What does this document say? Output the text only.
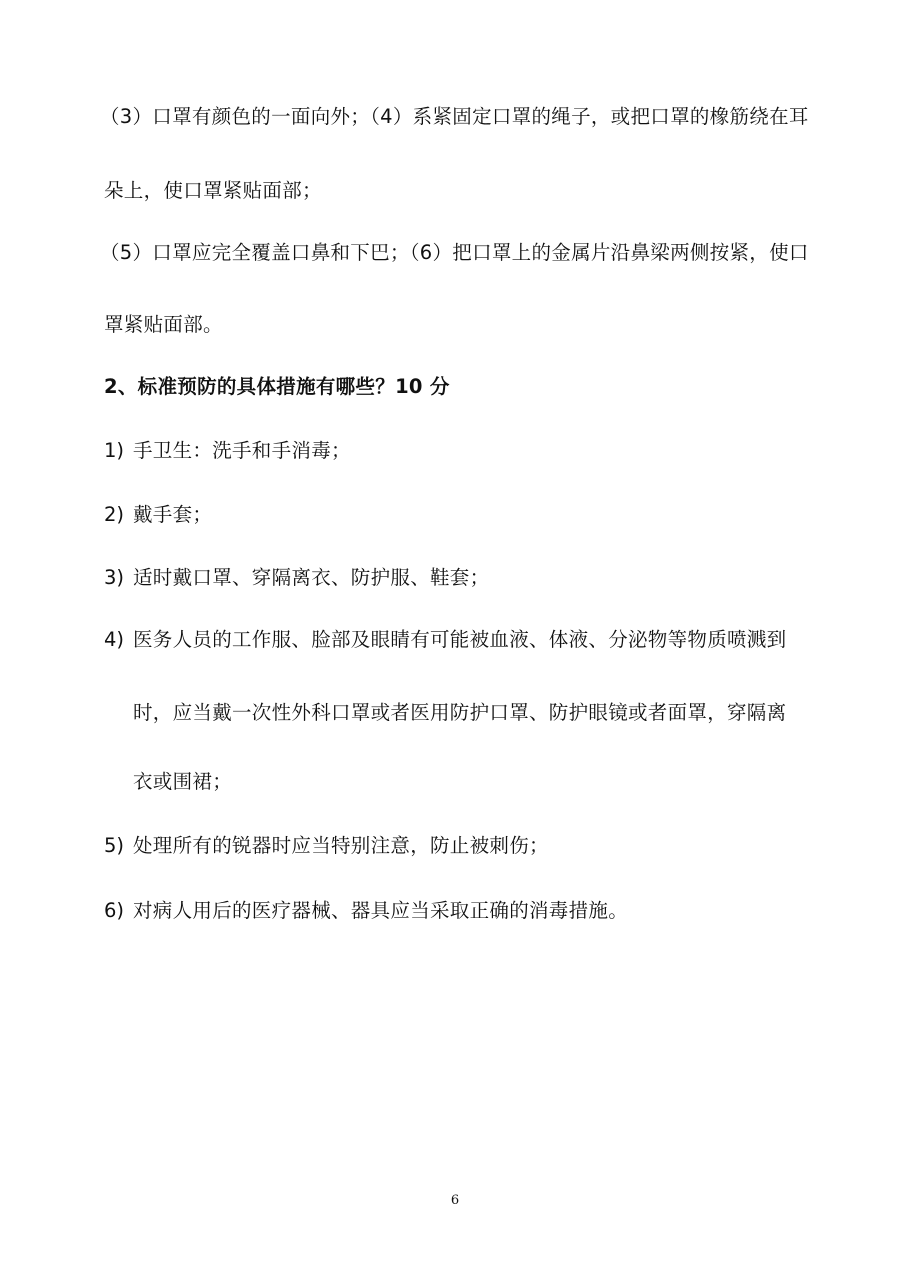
（3）口罩有颜色的一面向外；（4）系紧固定口罩的绳子，或把口罩的橡筋绕在耳
朵上，使口罩紧贴面部；
（5）口罩应完全覆盖口鼻和下巴；（6）把口罩上的金属片沿鼻梁两侧按紧，使口
罩紧贴面部。
2、标准预防的具体措施有哪些？10 分
1) 手卫生：洗手和手消毒；
2) 戴手套；
3) 适时戴口罩、穿隔离衣、防护服、鞋套；
4) 医务人员的工作服、脸部及眼睛有可能被血液、体液、分泌物等物质喷溅到
时，应当戴一次性外科口罩或者医用防护口罩、防护眼镜或者面罩，穿隔离
衣或围裙；
5) 处理所有的锐器时应当特别注意，防止被刺伤；
6) 对病人用后的医疗器械、器具应当采取正确的消毒措施。
6
